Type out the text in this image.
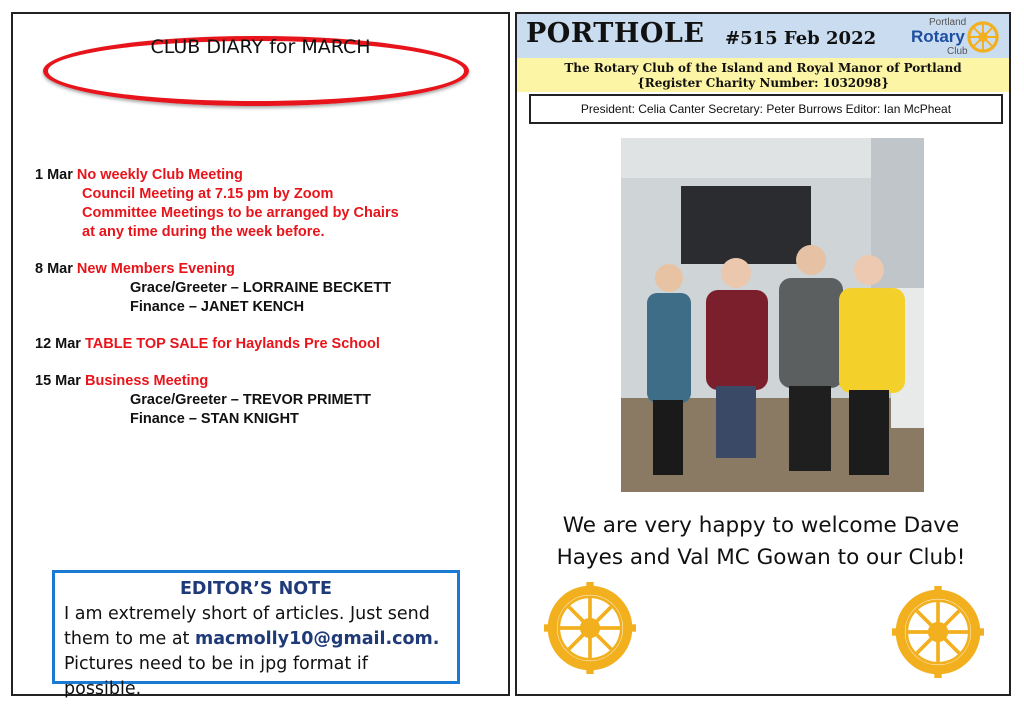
CLUB DIARY for MARCH
1 Mar No weekly Club Meeting
Council Meeting at 7.15 pm by Zoom
Committee Meetings to be arranged by Chairs
at any time during the week before.
8 Mar New Members Evening
Grace/Greeter – LORRAINE BECKETT
Finance – JANET KENCH
12 Mar TABLE TOP SALE for Haylands Pre School
15 Mar Business Meeting
Grace/Greeter – TREVOR PRIMETT
Finance – STAN KNIGHT
EDITOR’S NOTE
I am extremely short of articles. Just send
them to me at macmolly10@gmail.com.
Pictures need to be in jpg format if possible.
PORTHOLE #515 Feb 2022
Portland
Rotary
Club
The Rotary Club of the Island and Royal Manor of Portland
{Register Charity Number: 1032098}
President: Celia Canter Secretary: Peter Burrows Editor: Ian McPheat
We are very happy to welcome Dave Hayes and Val MC Gowan to our Club!
